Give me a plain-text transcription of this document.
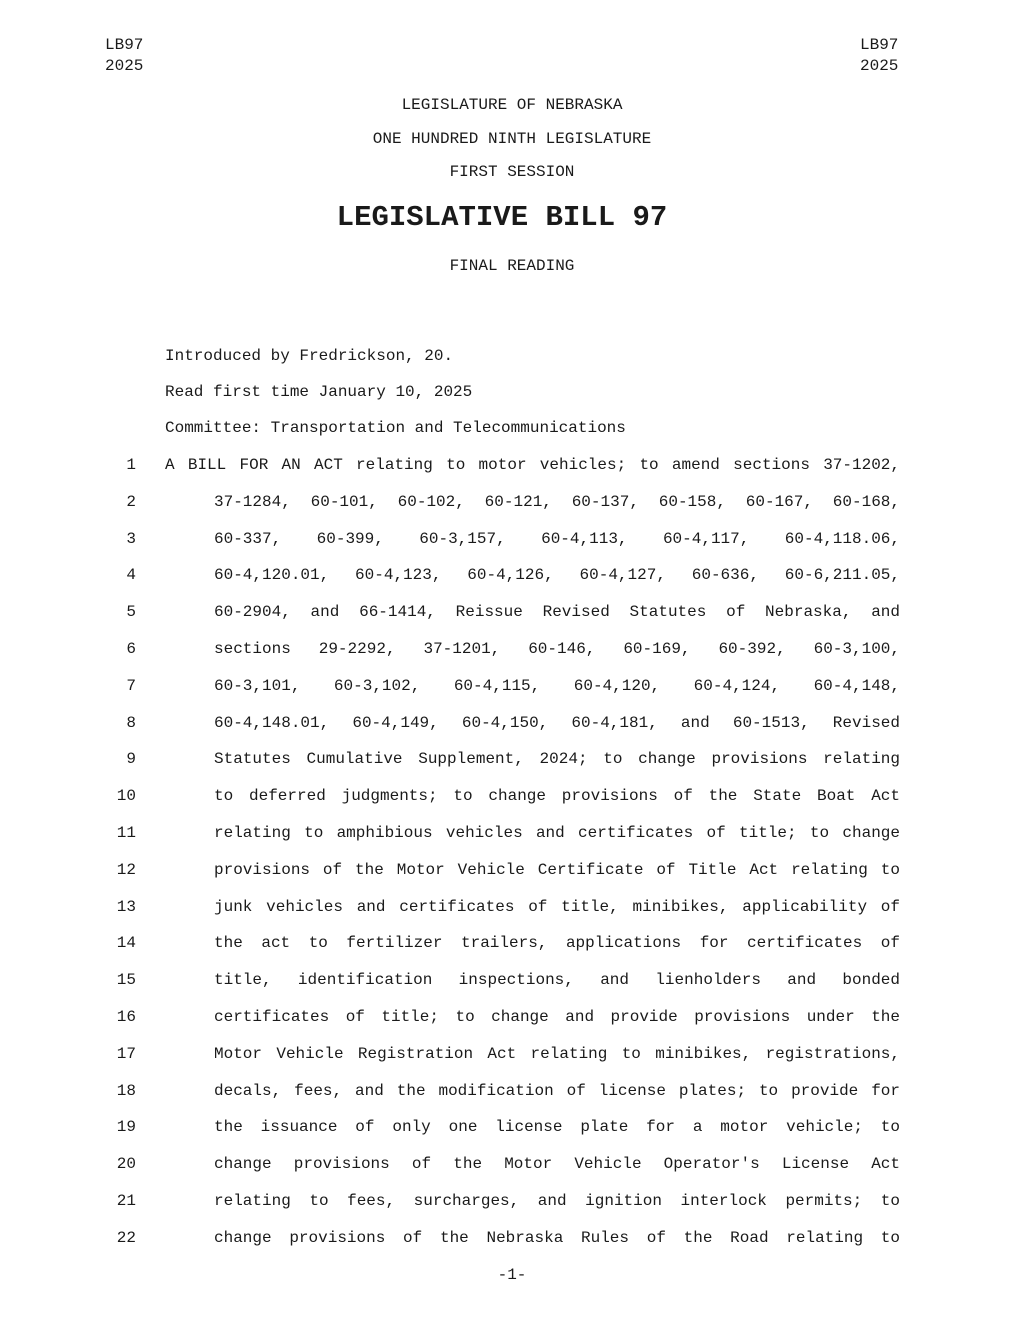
LB97
2025
LB97
2025
LEGISLATURE OF NEBRASKA
ONE HUNDRED NINTH LEGISLATURE
FIRST SESSION
LEGISLATIVE BILL 97
FINAL READING
Introduced by Fredrickson, 20.
Read first time January 10, 2025
Committee: Transportation and Telecommunications
1 A BILL FOR AN ACT relating to motor vehicles; to amend sections 37-1202,
2	37-1284, 60-101, 60-102, 60-121, 60-137, 60-158, 60-167, 60-168,
3	60-337, 60-399, 60-3,157, 60-4,113, 60-4,117, 60-4,118.06,
4	60-4,120.01, 60-4,123, 60-4,126, 60-4,127, 60-636, 60-6,211.05,
5	60-2904, and 66-1414, Reissue Revised Statutes of Nebraska, and
6	sections 29-2292, 37-1201, 60-146, 60-169, 60-392, 60-3,100,
7	60-3,101, 60-3,102, 60-4,115, 60-4,120, 60-4,124, 60-4,148,
8	60-4,148.01, 60-4,149, 60-4,150, 60-4,181, and 60-1513, Revised
9	Statutes Cumulative Supplement, 2024; to change provisions relating
10	to deferred judgments; to change provisions of the State Boat Act
11	relating to amphibious vehicles and certificates of title; to change
12	provisions of the Motor Vehicle Certificate of Title Act relating to
13	junk vehicles and certificates of title, minibikes, applicability of
14	the act to fertilizer trailers, applications for certificates of
15	title, identification inspections, and lienholders and bonded
16	certificates of title; to change and provide provisions under the
17	Motor Vehicle Registration Act relating to minibikes, registrations,
18	decals, fees, and the modification of license plates; to provide for
19	the issuance of only one license plate for a motor vehicle; to
20	change provisions of the Motor Vehicle Operator's License Act
21	relating to fees, surcharges, and ignition interlock permits; to
22	change provisions of the Nebraska Rules of the Road relating to
-1-
